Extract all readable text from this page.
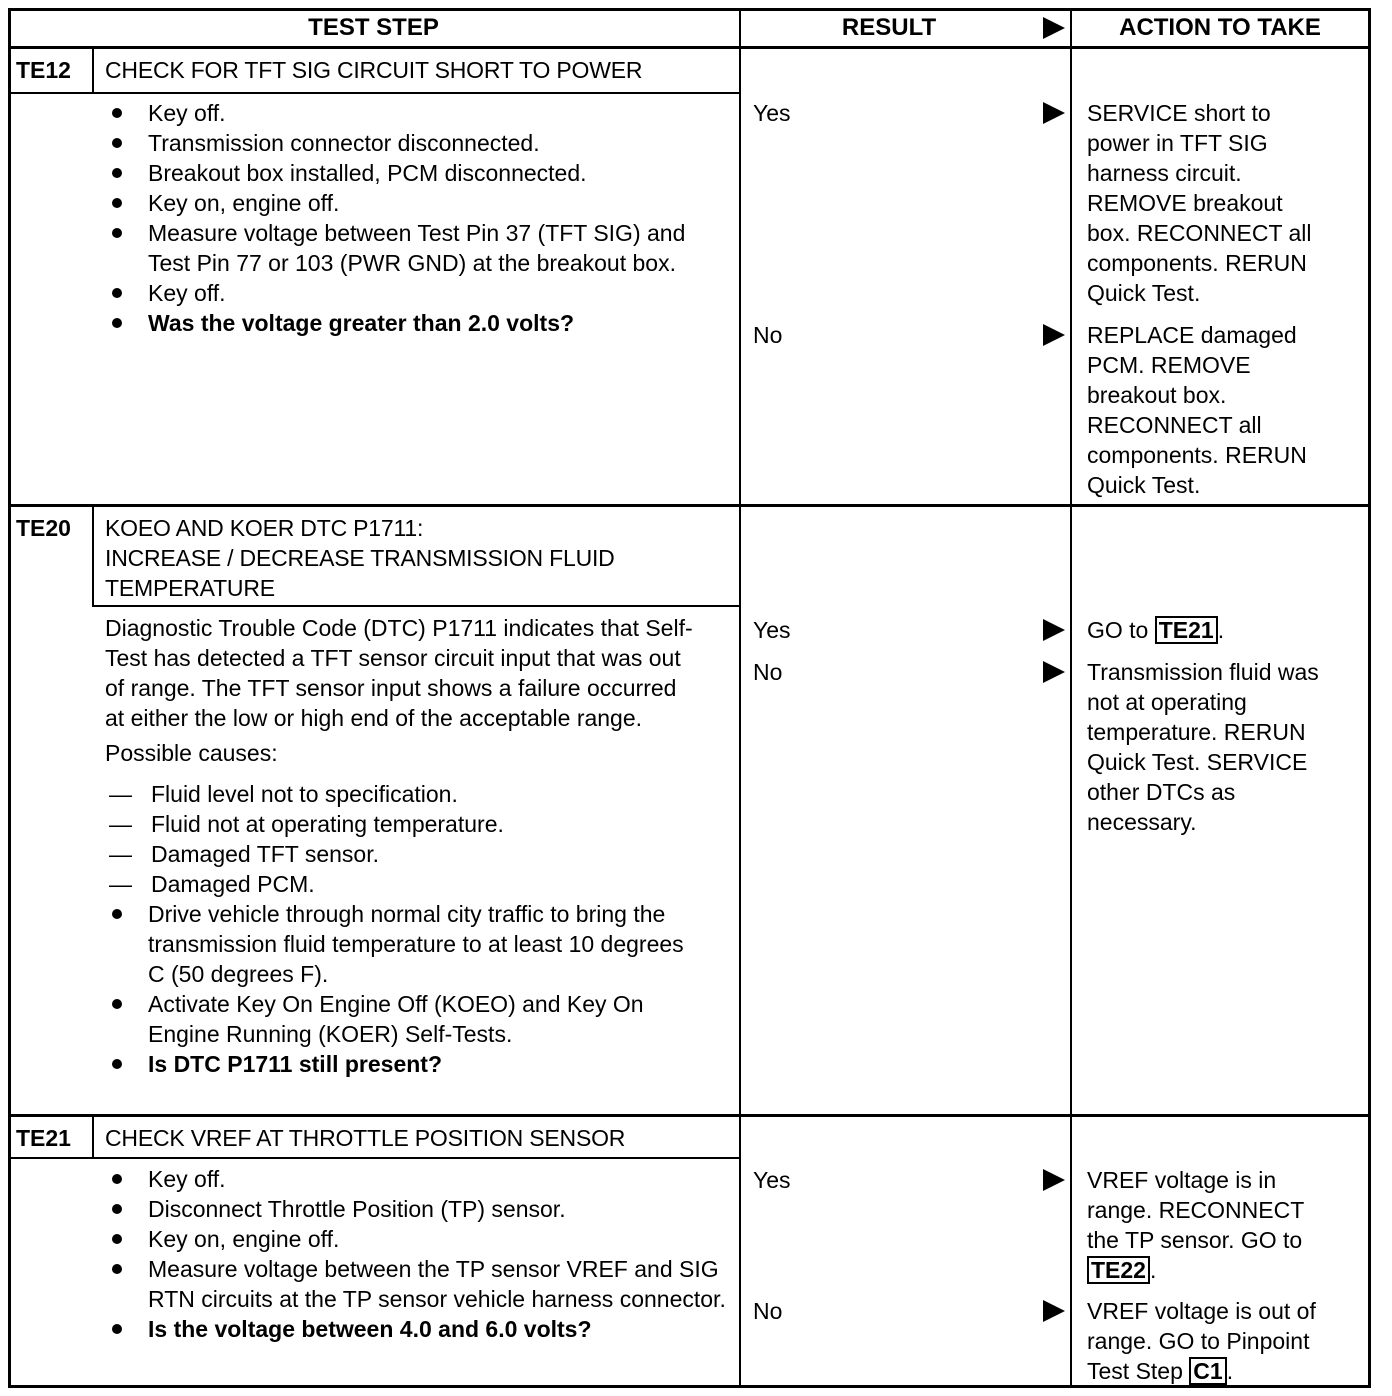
TEST STEP	RESULT	ACTION TO TAKE
TE12 CHECK FOR TFT SIG CIRCUIT SHORT TO POWER
Key off.
Transmission connector disconnected.
Breakout box installed, PCM disconnected.
Key on, engine off.
Measure voltage between Test Pin 37 (TFT SIG) and Test Pin 77 or 103 (PWR GND) at the breakout box.
Key off.
Was the voltage greater than 2.0 volts?
Yes	SERVICE short to
power in TFT SIG
harness circuit.
REMOVE breakout
box. RECONNECT all
components. RERUN
Quick Test.
No	REPLACE damaged
PCM. REMOVE
breakout box.
RECONNECT all
components. RERUN
Quick Test.
TE20 KOEO AND KOER DTC P1711:
INCREASE / DECREASE TRANSMISSION FLUID
TEMPERATURE
Diagnostic Trouble Code (DTC) P1711 indicates that Self-Test has detected a TFT sensor circuit input that was out of range. The TFT sensor input shows a failure occurred at either the low or high end of the acceptable range.
Possible causes:
— Fluid level not to specification.
— Fluid not at operating temperature.
— Damaged TFT sensor.
— Damaged PCM.
Drive vehicle through normal city traffic to bring the transmission fluid temperature to at least 10 degrees C (50 degrees F).
Activate Key On Engine Off (KOEO) and Key On Engine Running (KOER) Self-Tests.
Is DTC P1711 still present?
Yes	GO to TE21 .
No	Transmission fluid was
not at operating
temperature. RERUN
Quick Test. SERVICE
other DTCs as
necessary.
TE21 CHECK VREF AT THROTTLE POSITION SENSOR
Key off.
Disconnect Throttle Position (TP) sensor.
Key on, engine off.
Measure voltage between the TP sensor VREF and SIG RTN circuits at the TP sensor vehicle harness connector.
Is the voltage between 4.0 and 6.0 volts?
Yes	VREF voltage is in
range. RECONNECT
the TP sensor. GO to
TE22 .
No	VREF voltage is out of
range. GO to Pinpoint
Test Step C1 .
